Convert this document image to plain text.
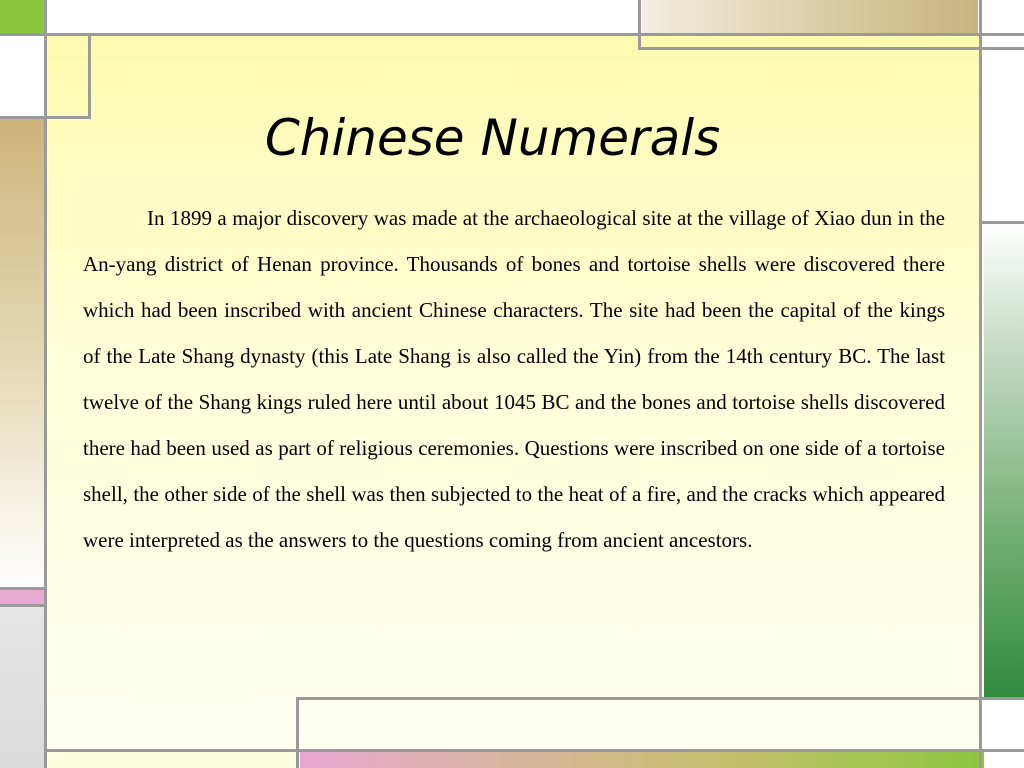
Chinese Numerals

In 1899 a major discovery was made at the archaeological site at the village of Xiao dun in the An-yang district of Henan province. Thousands of bones and tortoise shells were discovered there which had been inscribed with ancient Chinese characters. The site had been the capital of the kings of the Late Shang dynasty (this Late Shang is also called the Yin) from the 14th century BC. The last twelve of the Shang kings ruled here until about 1045 BC and the bones and tortoise shells discovered there had been used as part of religious ceremonies. Questions were inscribed on one side of a tortoise shell, the other side of the shell was then subjected to the heat of a fire, and the cracks which appeared were interpreted as the answers to the questions coming from ancient ancestors.
